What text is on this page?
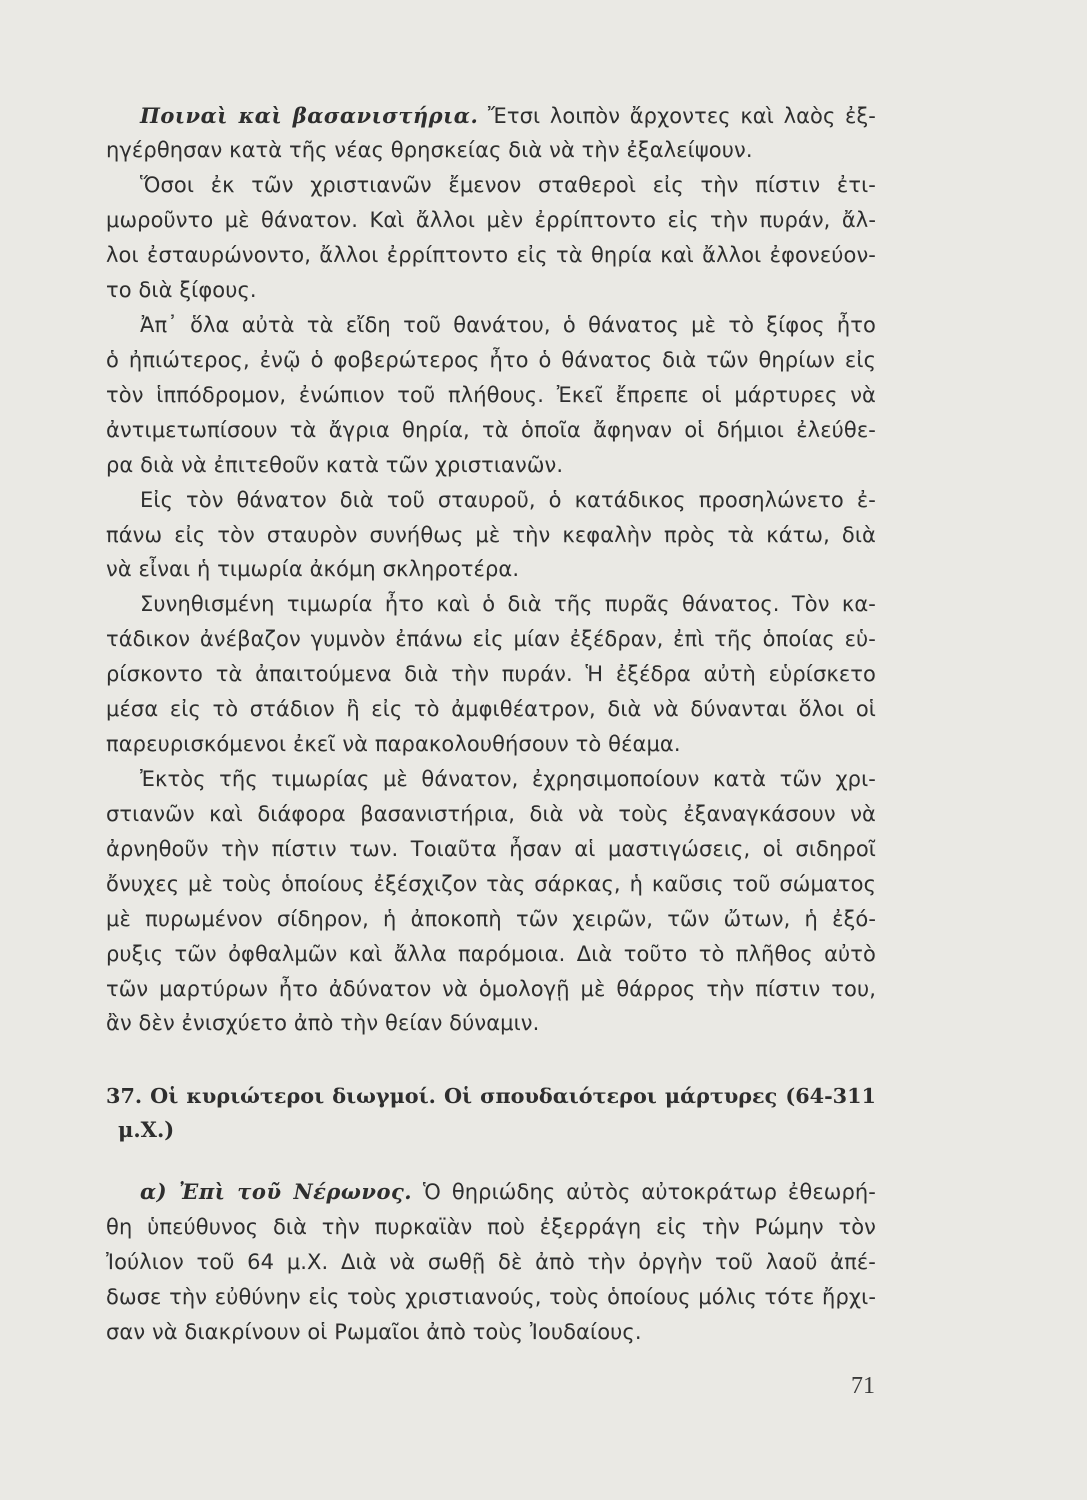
Ποιναὶ καὶ βασανιστήρια. Ἔτσι λοιπὸν ἄρχοντες καὶ λαὸς ἐξ-

ηγέρθησαν κατὰ τῆς νέας θρησκείας διὰ νὰ τὴν ἐξαλείψουν.

Ὅσοι ἐκ τῶν χριστιανῶν ἔμενον σταθεροὶ εἰς τὴν πίστιν ἐτι-

μωροῦντο μὲ θάνατον. Καὶ ἄλλοι μὲν ἐρρίπτοντο εἰς τὴν πυράν, ἄλ-

λοι ἐσταυρώνοντο, ἄλλοι ἐρρίπτοντο εἰς τὰ θηρία καὶ ἄλλοι ἐφονεύον-

το διὰ ξίφους.

Ἀπ᾿ ὅλα αὐτὰ τὰ εἴδη τοῦ θανάτου, ὁ θάνατος μὲ τὸ ξίφος ἦτο

ὁ ἠπιώτερος, ἐνῷ ὁ φοβερώτερος ἦτο ὁ θάνατος διὰ τῶν θηρίων εἰς

τὸν ἱππόδρομον, ἐνώπιον τοῦ πλήθους. Ἐκεῖ ἔπρεπε οἱ μάρτυρες νὰ

ἀντιμετωπίσουν τὰ ἄγρια θηρία, τὰ ὁποῖα ἄφηναν οἱ δήμιοι ἐλεύθε-

ρα διὰ νὰ ἐπιτεθοῦν κατὰ τῶν χριστιανῶν.

Εἰς τὸν θάνατον διὰ τοῦ σταυροῦ, ὁ κατάδικος προσηλώνετο ἐ-

πάνω εἰς τὸν σταυρὸν συνήθως μὲ τὴν κεφαλὴν πρὸς τὰ κάτω, διὰ

νὰ εἶναι ἡ τιμωρία ἀκόμη σκληροτέρα.

Συνηθισμένη τιμωρία ἦτο καὶ ὁ διὰ τῆς πυρᾶς θάνατος. Τὸν κα-

τάδικον ἀνέβαζον γυμνὸν ἐπάνω εἰς μίαν ἐξέδραν, ἐπὶ τῆς ὁποίας εὑ-

ρίσκοντο τὰ ἀπαιτούμενα διὰ τὴν πυράν. Ἡ ἐξέδρα αὐτὴ εὑρίσκετο

μέσα εἰς τὸ στάδιον ἢ εἰς τὸ ἀμφιθέατρον, διὰ νὰ δύνανται ὅλοι οἱ

παρευρισκόμενοι ἐκεῖ νὰ παρακολουθήσουν τὸ θέαμα.

Ἐκτὸς τῆς τιμωρίας μὲ θάνατον, ἐχρησιμοποίουν κατὰ τῶν χρι-

στιανῶν καὶ διάφορα βασανιστήρια, διὰ νὰ τοὺς ἐξαναγκάσουν νὰ

ἀρνηθοῦν τὴν πίστιν των. Τοιαῦτα ἦσαν αἱ μαστιγώσεις, οἱ σιδηροῖ

ὄνυχες μὲ τοὺς ὁποίους ἐξέσχιζον τὰς σάρκας, ἡ καῦσις τοῦ σώματος

μὲ πυρωμένον σίδηρον, ἡ ἀποκοπὴ τῶν χειρῶν, τῶν ὤτων, ἡ ἐξό-

ρυξις τῶν ὀφθαλμῶν καὶ ἄλλα παρόμοια. Διὰ τοῦτο τὸ πλῆθος αὐτὸ

τῶν μαρτύρων ἦτο ἀδύνατον νὰ ὁμολογῇ μὲ θάρρος τὴν πίστιν του,

ἂν δὲν ἐνισχύετο ἀπὸ τὴν θείαν δύναμιν.

37. Οἱ κυριώτεροι διωγμοί. Οἱ σπουδαιότεροι μάρτυρες (64-311

μ.Χ.)

α) Ἐπὶ τοῦ Νέρωνος. Ὁ θηριώδης αὐτὸς αὐτοκράτωρ ἐθεωρή-

θη ὑπεύθυνος διὰ τὴν πυρκαϊὰν ποὺ ἐξερράγη εἰς τὴν Ρώμην τὸν

Ἰούλιον τοῦ 64 μ.Χ. Διὰ νὰ σωθῇ δὲ ἀπὸ τὴν ὀργὴν τοῦ λαοῦ ἀπέ-

δωσε τὴν εὐθύνην εἰς τοὺς χριστιανούς, τοὺς ὁποίους μόλις τότε ἤρχι-

σαν νὰ διακρίνουν οἱ Ρωμαῖοι ἀπὸ τοὺς Ἰουδαίους.

71
